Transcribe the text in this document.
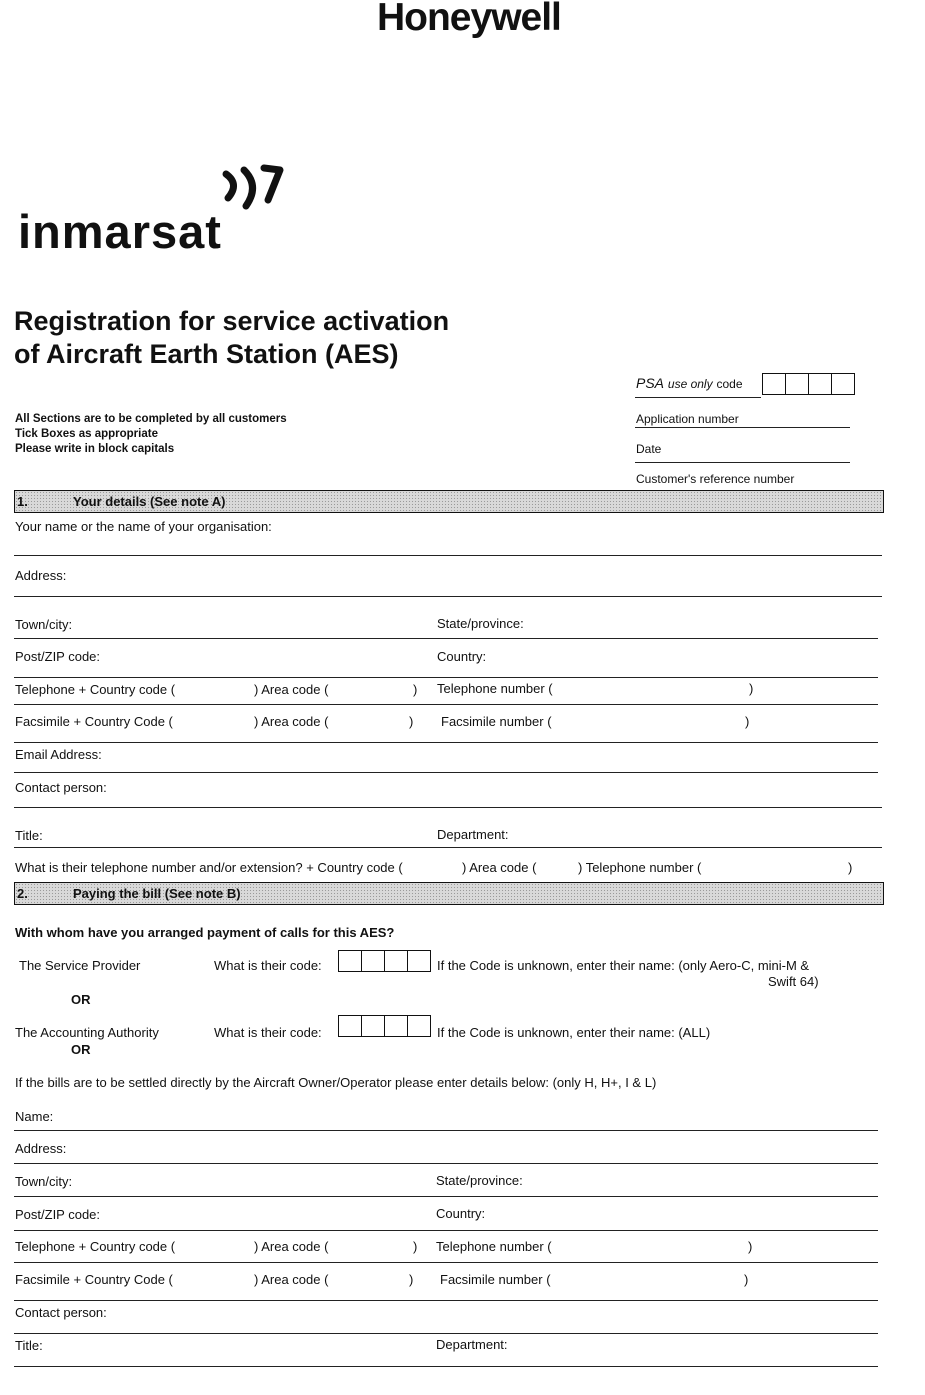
Honeywell
inmarsat
Registration for service activation
of Aircraft Earth Station (AES)
PSA use only code
Application number
Date
Customer's reference number
All Sections are to be completed by all customers
Tick Boxes as appropriate
Please write in block capitals
1.	Your details (See note A)
Your name or the name of your organisation:
Address:
Town/city:	State/province:
Post/ZIP code:	Country:
Telephone + Country code (	) Area code (	) Telephone number (	)
Facsimile + Country Code (	) Area code (	) Facsimile number (	)
Email Address:
Contact person:
Title:	Department:
What is their telephone number and/or extension? + Country code (	) Area code (	) Telephone number (	)
2.	Paying the bill (See note B)
With whom have you arranged payment of calls for this AES?
The Service Provider	What is their code:	If the Code is unknown, enter their name: (only Aero-C, mini-M &
Swift 64)
OR
The Accounting Authority	What is their code:	If the Code is unknown, enter their name: (ALL)
OR
If the bills are to be settled directly by the Aircraft Owner/Operator please enter details below: (only H, H+, I & L)
Name:
Address:
Town/city:	State/province:
Post/ZIP code:	Country:
Telephone + Country code (	) Area code (	) Telephone number (	)
Facsimile + Country Code (	) Area code (	) Facsimile number (	)
Contact person:
Title:	Department:
